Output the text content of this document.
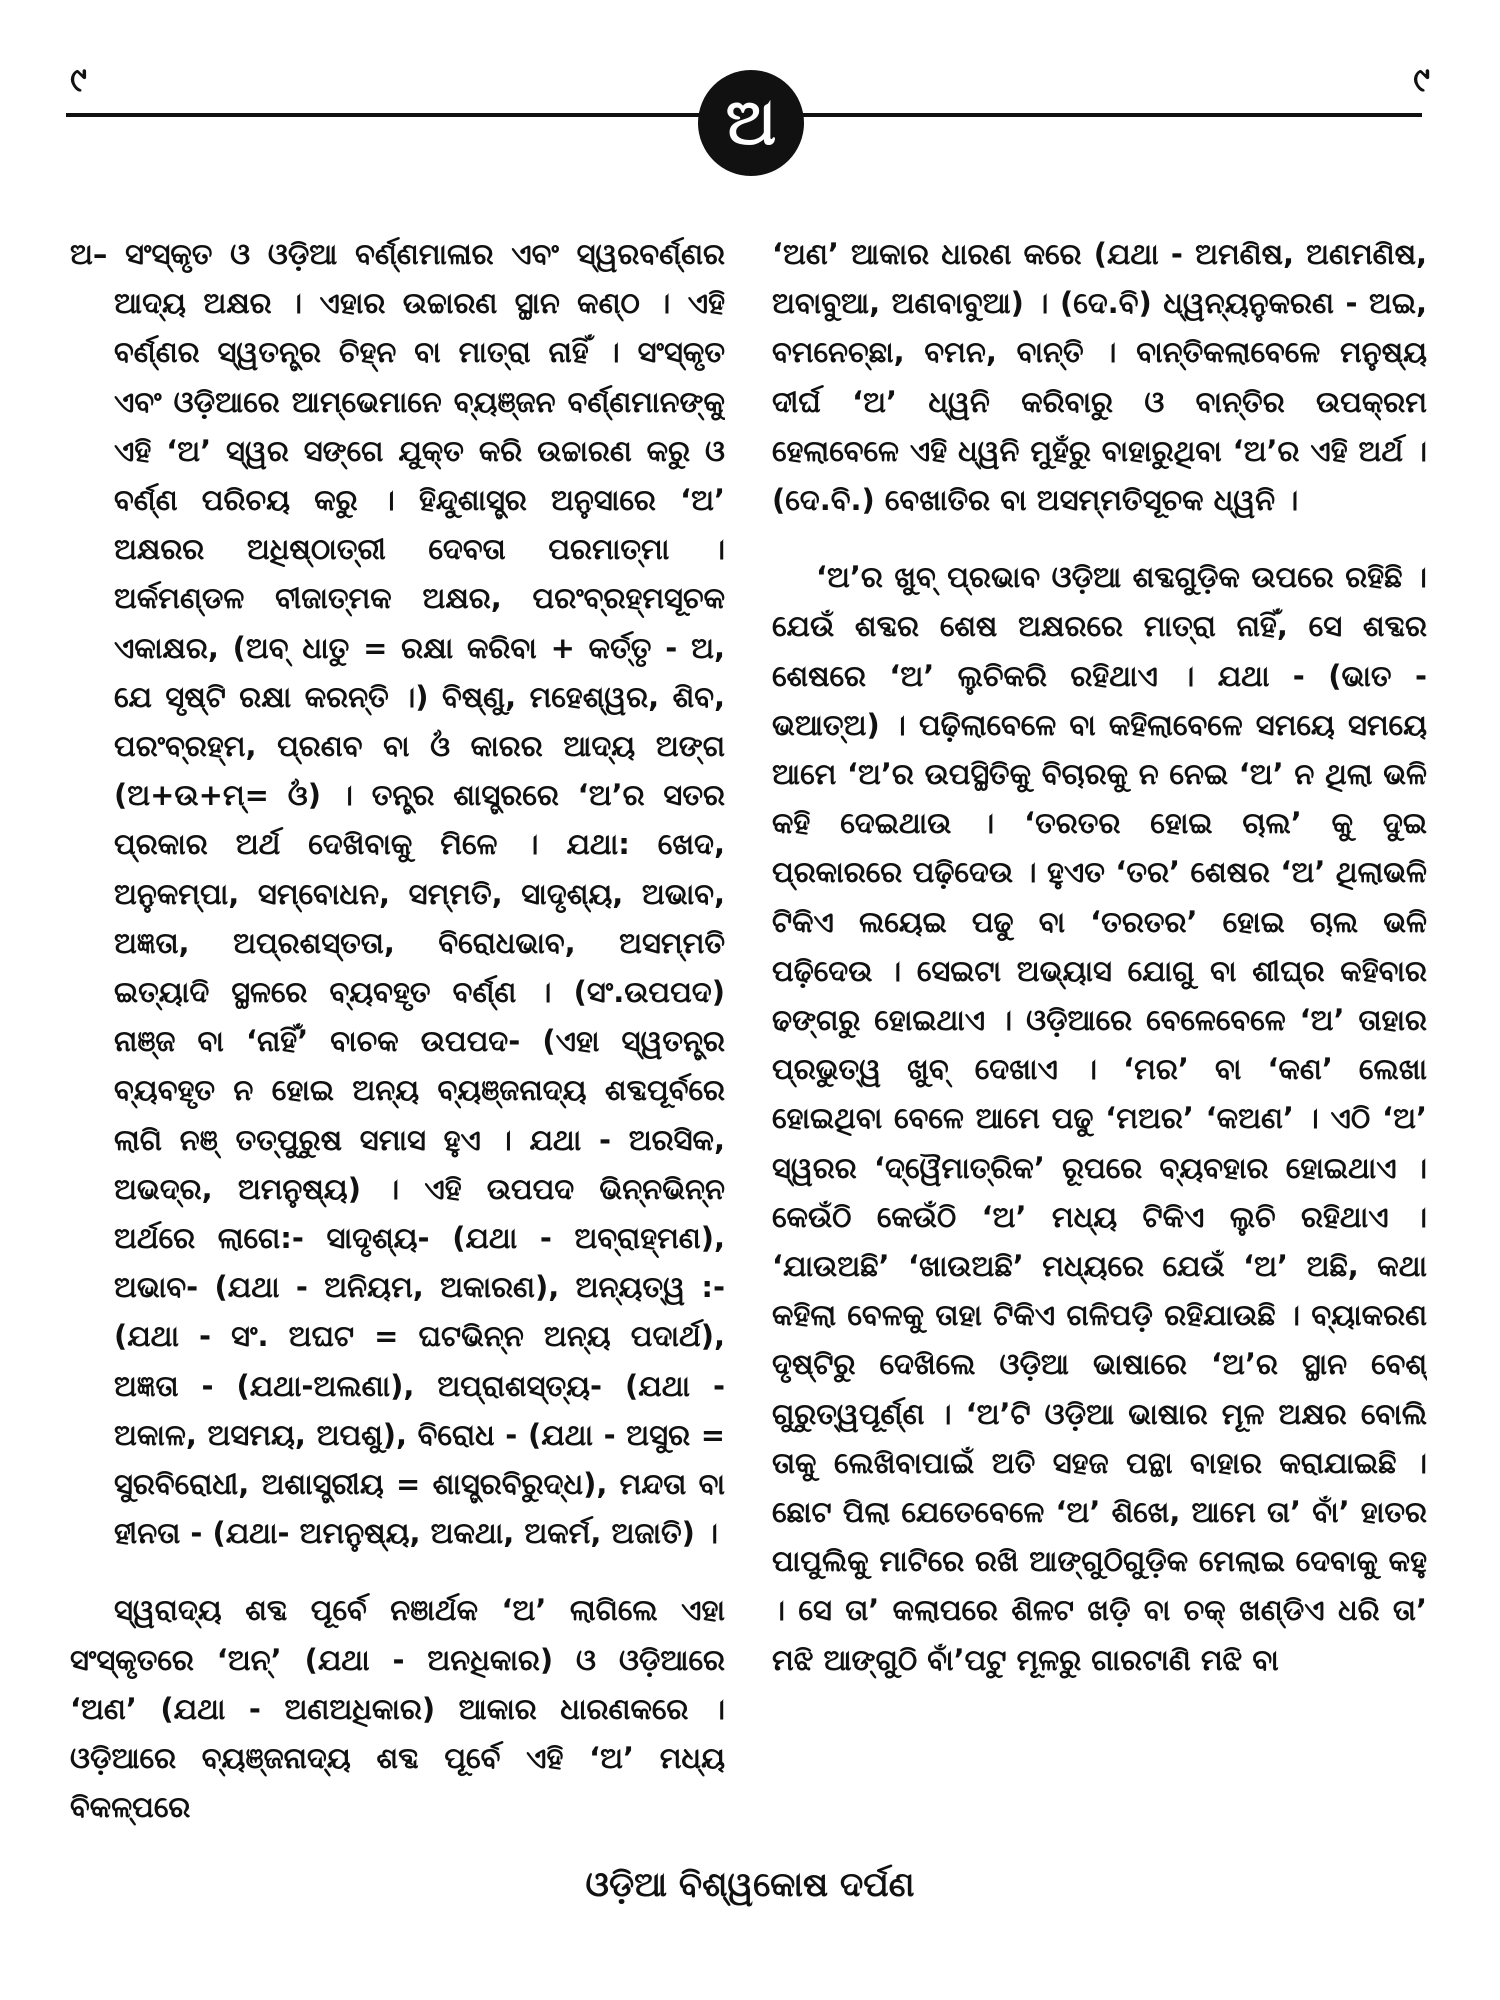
୯	୯
ଅ

ଅ– ସଂସ୍କୃତ ଓ ଓଡ଼ିଆ ବର୍ଣ୍ଣମାଳାର ଏବଂ ସ୍ୱରବର୍ଣ୍ଣର ଆଦ୍ୟ ଅକ୍ଷର । ଏହାର ଉଚ୍ଚାରଣ ସ୍ଥାନ କଣ୍ଠ । ଏହି ବର୍ଣ୍ଣର ସ୍ୱତନ୍ତ୍ର ଚିହ୍ନ ବା ମାତ୍ରା ନାହିଁ । ସଂସ୍କୃତ ଏବଂ ଓଡ଼ିଆରେ ଆମ୍ଭେମାନେ ବ୍ୟଞ୍ଜନ ବର୍ଣ୍ଣମାନଙ୍କୁ ଏହି ‘ଅ’ ସ୍ୱର ସଙ୍ଗେ ଯୁକ୍ତ କରି ଉଚ୍ଚାରଣ କରୁ ଓ ବର୍ଣ୍ଣ ପରିଚୟ କରୁ । ହିନ୍ଦୁଶାସ୍ତ୍ର ଅନୁସାରେ ‘ଅ’ ଅକ୍ଷରର ଅଧିଷ୍ଠାତ୍ରୀ ଦେବତା ପରମାତ୍ମା । ଅର୍କମଣ୍ଡଳ ବୀଜାତ୍ମକ ଅକ୍ଷର, ପରଂବ୍ରହ୍ମସୂଚକ ଏକାକ୍ଷର, (ଅବ୍ ଧାତୁ = ରକ୍ଷା କରିବା + କର୍ତ୍ତୃ - ଅ, ଯେ ସୃଷ୍ଟି ରକ୍ଷା କରନ୍ତି ।) ବିଷ୍ଣୁ, ମହେଶ୍ୱର, ଶିବ, ପରଂବ୍ରହ୍ମ, ପ୍ରଣବ ବା ଓଁ କାରର ଆଦ୍ୟ ଅଙ୍ଗ (ଅ+ଉ+ମ୍= ଓଁ) । ତନ୍ତ୍ର ଶାସ୍ତ୍ରରେ ‘ଅ’ର ସତର ପ୍ରକାର ଅର୍ଥ ଦେଖିବାକୁ ମିଳେ । ଯଥା: ଖେଦ, ଅନୁକମ୍ପା, ସମ୍ବୋଧନ, ସମ୍ମତି, ସାଦୃଶ୍ୟ, ଅଭାବ, ଅଜ୍ଞତା, ଅପ୍ରଶସ୍ତତା, ବିରୋଧଭାବ, ଅସମ୍ମତି ଇତ୍ୟାଦି ସ୍ଥଳରେ ବ୍ୟବହୃତ ବର୍ଣ୍ଣ । (ସଂ.ଉପପଦ) ନାଞ୍ଜ ବା ‘ନାହିଁ’ ବାଚକ ଉପପଦ- (ଏହା ସ୍ୱତନ୍ତ୍ର ବ୍ୟବହୃତ ନ ହୋଇ ଅନ୍ୟ ବ୍ୟଞ୍ଜନାଦ୍ୟ ଶବ୍ଦପୂର୍ବରେ ଲାଗି ନଞ୍ ତତ୍ପୁରୁଷ ସମାସ ହୁଏ । ଯଥା - ଅରସିକ, ଅଭଦ୍ର, ଅମନୁଷ୍ୟ) । ଏହି ଉପପଦ ଭିନ୍ନଭିନ୍ନ ଅର୍ଥରେ ଲାଗେ:- ସାଦୃଶ୍ୟ- (ଯଥା - ଅବ୍ରାହ୍ମଣ), ଅଭାବ- (ଯଥା - ଅନିୟମ, ଅକାରଣ), ଅନ୍ୟତ୍ୱ :- (ଯଥା - ସଂ. ଅଘଟ = ଘଟଭିନ୍ନ ଅନ୍ୟ ପଦାର୍ଥ), ଅଜ୍ଞତା - (ଯଥା-ଅଲଣା), ଅପ୍ରାଶସ୍ତ୍ୟ- (ଯଥା - ଅକାଳ, ଅସମୟ, ଅପଶୁ), ବିରୋଧ - (ଯଥା - ଅସୁର = ସୁରବିରୋଧୀ, ଅଶାସ୍ତ୍ରୀୟ = ଶାସ୍ତ୍ରବିରୁଦ୍ଧ), ମନ୍ଦତା ବା ହୀନତା - (ଯଥା- ଅମନୁଷ୍ୟ, ଅକଥା, ଅକର୍ମ, ଅଜାତି) ।

ସ୍ୱରାଦ୍ୟ ଶବ୍ଦ ପୂର୍ବେ ନଞାର୍ଥକ ‘ଅ’ ଲାଗିଲେ ଏହା ସଂସ୍କୃତରେ ‘ଅନ୍’ (ଯଥା - ଅନଧିକାର) ଓ ଓଡ଼ିଆରେ ‘ଅଣ’ (ଯଥା - ଅଣଅଧିକାର) ଆକାର ଧାରଣକରେ । ଓଡ଼ିଆରେ ବ୍ୟଞ୍ଜନାଦ୍ୟ ଶବ୍ଦ ପୂର୍ବେ ଏହି ‘ଅ’ ମଧ୍ୟ ବିକଳ୍ପରେ

‘ଅଣ’ ଆକାର ଧାରଣ କରେ (ଯଥା - ଅମଣିଷ, ଅଣମଣିଷ, ଅବାବୁଆ, ଅଣବାବୁଆ) । (ଦେ.ବି) ଧ୍ୱନ୍ୟନୁକରଣ - ଅଇ, ବମନେଚ୍ଛା, ବମନ, ବାନ୍ତି । ବାନ୍ତିକଲାବେଳେ ମନୁଷ୍ୟ ଦୀର୍ଘ ‘ଅ’ ଧ୍ୱନି କରିବାରୁ ଓ ବାନ୍ତିର ଉପକ୍ରମ ହେଲାବେଳେ ଏହି ଧ୍ୱନି ମୁହଁରୁ ବାହାରୁଥିବା ‘ଅ’ର ଏହି ଅର୍ଥ । (ଦେ.ବି.) ବେଖାତିର ବା ଅସମ୍ମତିସୂଚକ ଧ୍ୱନି ।

‘ଅ’ର ଖୁବ୍ ପ୍ରଭାବ ଓଡ଼ିଆ ଶବ୍ଦଗୁଡ଼ିକ ଉପରେ ରହିଛି । ଯେଉଁ ଶବ୍ଦର ଶେଷ ଅକ୍ଷରରେ ମାତ୍ରା ନାହିଁ, ସେ ଶବ୍ଦର ଶେଷରେ ‘ଅ’ ଲୁଚିକରି ରହିଥାଏ । ଯଥା - (ଭାତ - ଭଆତ୍ଅ) । ପଢ଼ିଲାବେଳେ ବା କହିଲାବେଳେ ସମୟେ ସମୟେ ଆମେ ‘ଅ’ର ଉପସ୍ଥିତିକୁ ବିଚାରକୁ ନ ନେଇ ‘ଅ’ ନ ଥିଲା ଭଳି କହି ଦେଇଥାଉ । ‘ତରତର ହୋଇ ଚାଲ’ କୁ ଦୁଇ ପ୍ରକାରରେ ପଢ଼ିଦେଉ । ହୁଏତ ‘ତର’ ଶେଷର ‘ଅ’ ଥିଲାଭଳି ଟିକିଏ ଲୟେଇ ପଢୁ ବା ‘ତରତର’ ହୋଇ ଚାଲ ଭଳି ପଢ଼ିଦେଉ । ସେଇଟା ଅଭ୍ୟାସ ଯୋଗୁ ବା ଶୀଘ୍ର କହିବାର ଢଙ୍ଗରୁ ହୋଇଥାଏ । ଓଡ଼ିଆରେ ବେଳେବେଳେ ‘ଅ’ ତାହାର ପ୍ରଭୁତ୍ୱ ଖୁବ୍ ଦେଖାଏ । ‘ମର’ ବା ‘କଣ’ ଲେଖା ହୋଇଥିବା ବେଳେ ଆମେ ପଢୁ ‘ମଅର’ ‘କଅଣ’ । ଏଠି ‘ଅ’ ସ୍ୱରର ‘ଦ୍ୱୈମାତ୍ରିକ’ ରୂପରେ ବ୍ୟବହାର ହୋଇଥାଏ । କେଉଁଠି କେଉଁଠି ‘ଅ’ ମଧ୍ୟ ଟିକିଏ ଲୁଚି ରହିଥାଏ । ‘ଯାଉଅଛି’ ‘ଖାଉଅଛି’ ମଧ୍ୟରେ ଯେଉଁ ‘ଅ’ ଅଛି, କଥା କହିଲା ବେଳକୁ ତାହା ଟିକିଏ ଗଳିପଡ଼ି ରହିଯାଉଛି । ବ୍ୟାକରଣ ଦୃଷ୍ଟିରୁ ଦେଖିଲେ ଓଡ଼ିଆ ଭାଷାରେ ‘ଅ’ର ସ୍ଥାନ ବେଶ୍ ଗୁରୁତ୍ୱପୂର୍ଣ୍ଣ । ‘ଅ’ଟି ଓଡ଼ିଆ ଭାଷାର ମୂଳ ଅକ୍ଷର ବୋଲି ତାକୁ ଲେଖିବାପାଇଁ ଅତି ସହଜ ପନ୍ଥା ବାହାର କରାଯାଇଛି । ଛୋଟ ପିଲା ଯେତେବେଳେ ‘ଅ’ ଶିଖେ, ଆମେ ତା’ ବାଁ’ ହାତର ପାପୁଲିକୁ ମାଟିରେ ରଖି ଆଙ୍ଗୁଠିଗୁଡ଼ିକ ମେଲାଇ ଦେବାକୁ କହୁ । ସେ ତା’ କଲାପରେ ଶିଳଟ ଖଡ଼ି ବା ଚକ୍ ଖଣ୍ଡିଏ ଧରି ତା’ ମଝି ଆଙ୍ଗୁଠି ବାଁ’ପଟୁ ମୂଳରୁ ଗାରଟାଣି ମଝି ବା

ଓଡ଼ିଆ ବିଶ୍ୱକୋଷ ଦର୍ପଣ
